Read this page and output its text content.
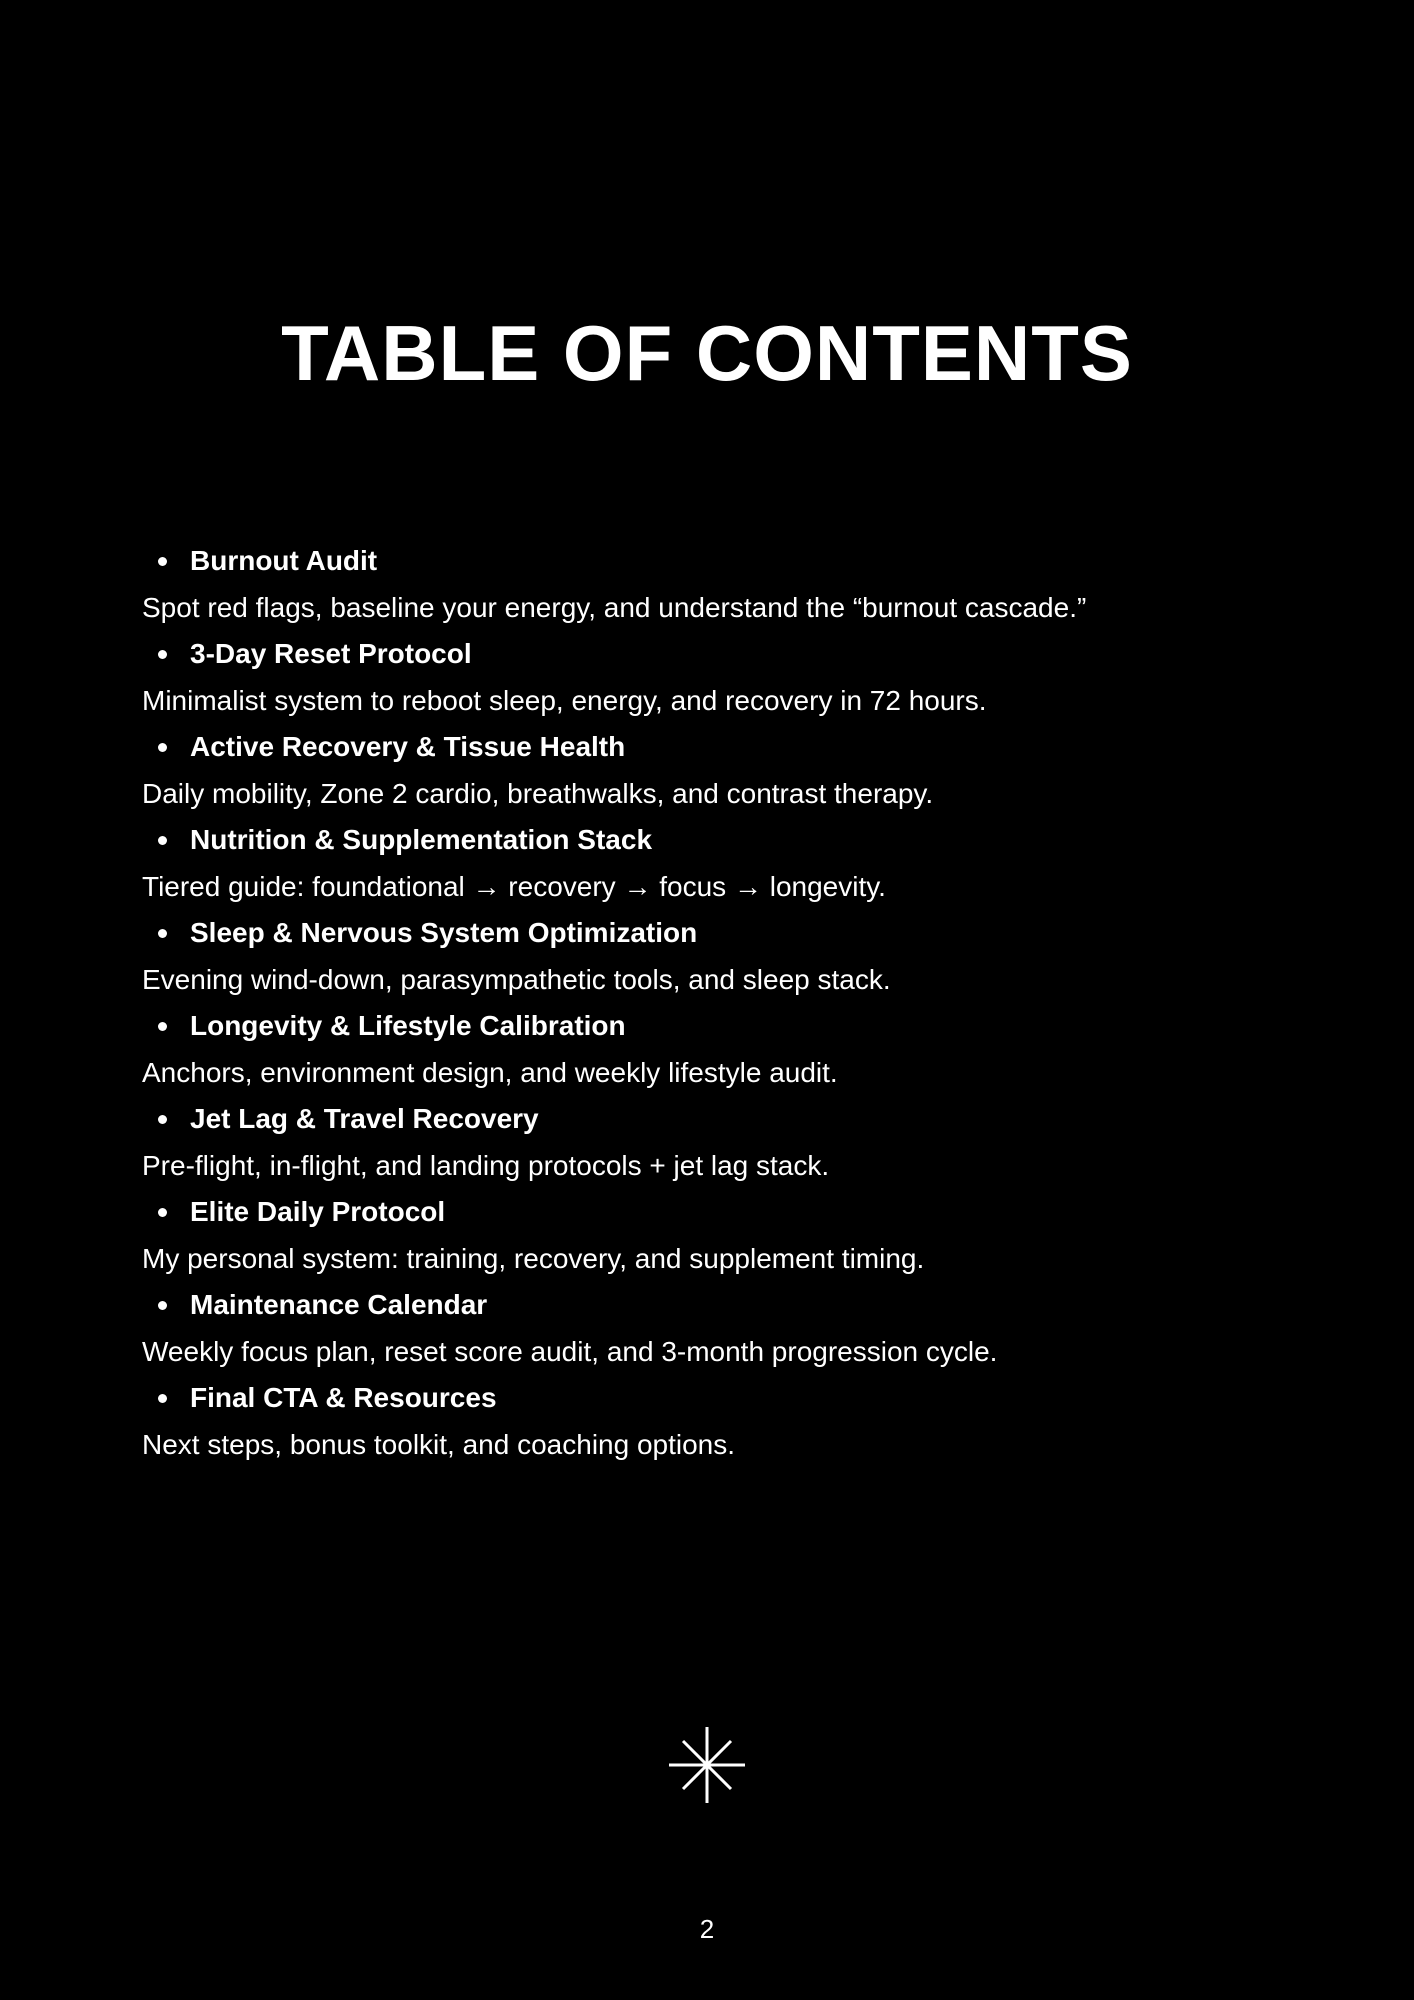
TABLE OF CONTENTS
Burnout Audit
Spot red flags, baseline your energy, and understand the “burnout cascade.”
3-Day Reset Protocol
Minimalist system to reboot sleep, energy, and recovery in 72 hours.
Active Recovery & Tissue Health
Daily mobility, Zone 2 cardio, breathwalks, and contrast therapy.
Nutrition & Supplementation Stack
Tiered guide: foundational → recovery → focus → longevity.
Sleep & Nervous System Optimization
Evening wind-down, parasympathetic tools, and sleep stack.
Longevity & Lifestyle Calibration
Anchors, environment design, and weekly lifestyle audit.
Jet Lag & Travel Recovery
Pre-flight, in-flight, and landing protocols + jet lag stack.
Elite Daily Protocol
My personal system: training, recovery, and supplement timing.
Maintenance Calendar
Weekly focus plan, reset score audit, and 3-month progression cycle.
Final CTA & Resources
Next steps, bonus toolkit, and coaching options.
2
